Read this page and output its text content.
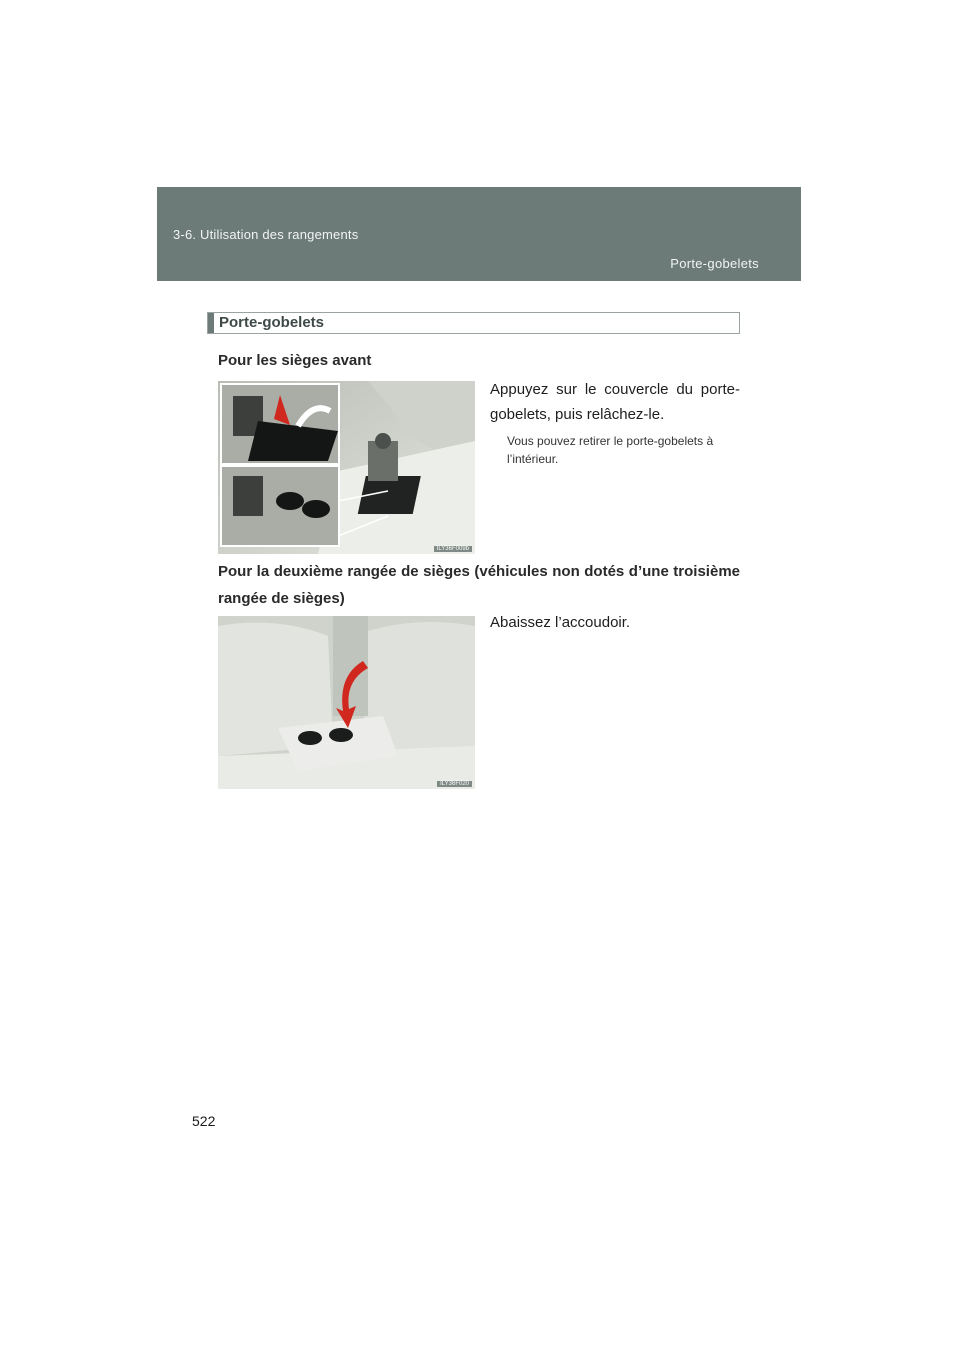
3-6. Utilisation des rangements
Porte-gobelets
Porte-gobelets
Pour les sièges avant
ILY36F009b
Appuyez sur le couvercle du porte-gobelets, puis relâchez-le.
Vous pouvez retirer le porte-gobelets à l’intérieur.
Pour la deuxième rangée de sièges (véhicules non dotés d’une troisième rangée de sièges)
ILY36F020
Abaissez l’accoudoir.
522
